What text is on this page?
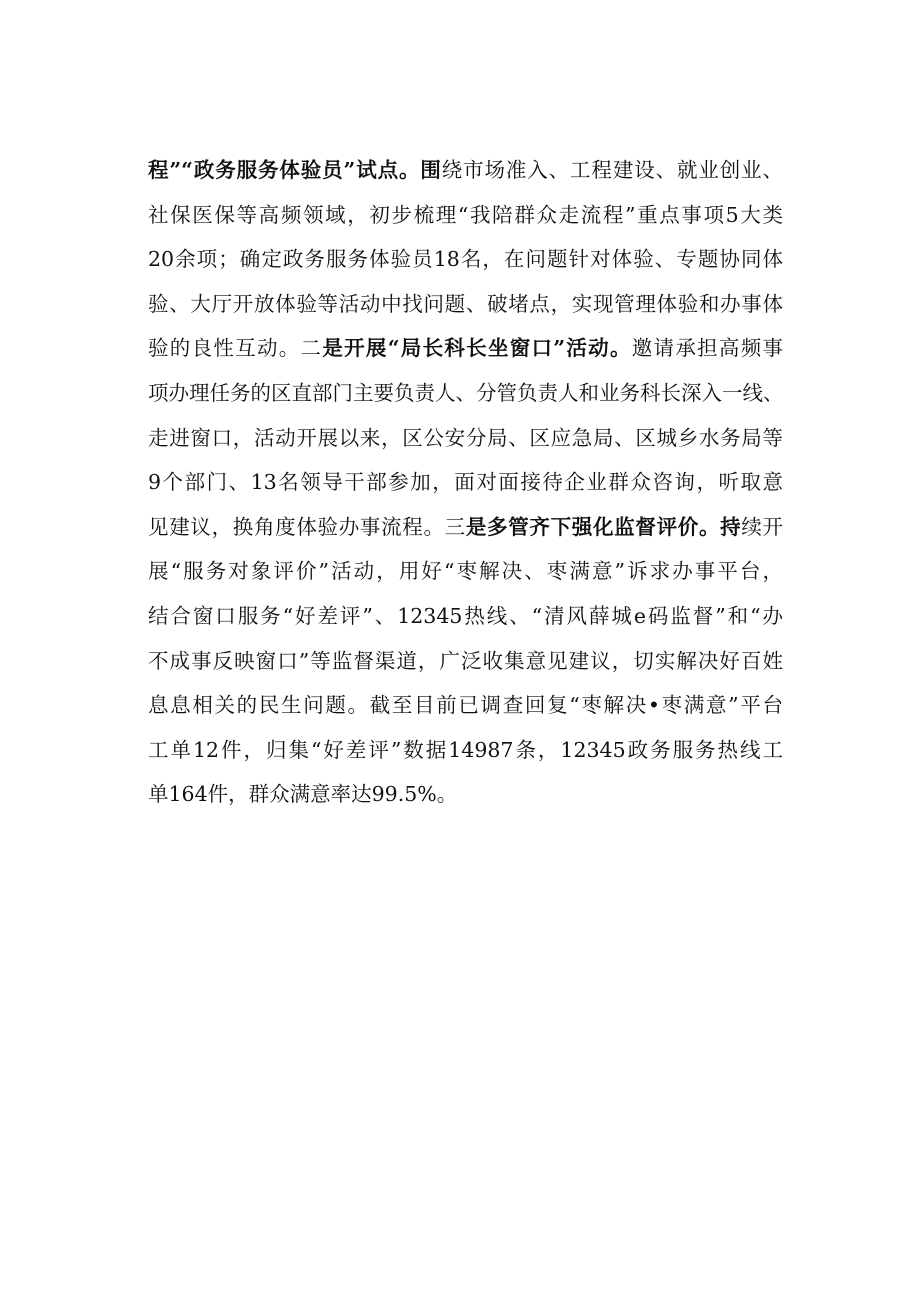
程”“政务服务体验员”试点。围绕市场准入、工程建设、就业创业、
社保医保等高频领域，初步梳理“我陪群众走流程”重点事项5大类
20余项；确定政务服务体验员18名，在问题针对体验、专题协同体
验、大厅开放体验等活动中找问题、破堵点，实现管理体验和办事体
验的良性互动。二是开展“局长科长坐窗口”活动。邀请承担高频事
项办理任务的区直部门主要负责人、分管负责人和业务科长深入一线、
走进窗口，活动开展以来，区公安分局、区应急局、区城乡水务局等
9个部门、13名领导干部参加，面对面接待企业群众咨询，听取意
见建议，换角度体验办事流程。三是多管齐下强化监督评价。持续开
展“服务对象评价”活动，用好“枣解决、枣满意”诉求办事平台，
结合窗口服务“好差评”、12345热线、“清风薛城e码监督”和“办
不成事反映窗口”等监督渠道，广泛收集意见建议，切实解决好百姓
息息相关的民生问题。截至目前已调查回复“枣解决•枣满意”平台
工单12件，归集“好差评”数据14987条，12345政务服务热线工
单164件，群众满意率达99.5%。
